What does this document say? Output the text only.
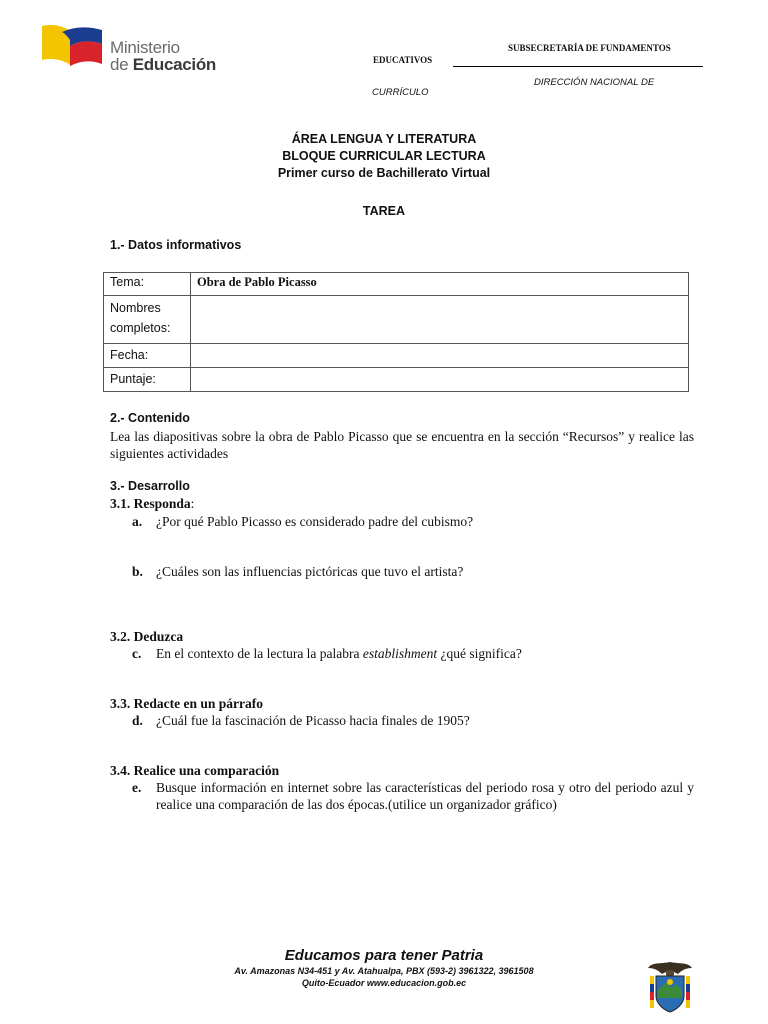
Ministerio
de Educación
SUBSECRETARÍA DE FUNDAMENTOS
EDUCATIVOS
DIRECCIÓN NACIONAL DE
CURRÍCULO
ÁREA LENGUA Y LITERATURA
BLOQUE CURRICULAR LECTURA
Primer curso de Bachillerato Virtual
TAREA
1.- Datos informativos
Tema:	Obra de Pablo Picasso
Nombres completos:	
Fecha:	
Puntaje:	
2.- Contenido
Lea las diapositivas sobre la obra de Pablo Picasso que se encuentra en la sección “Recursos” y realice las siguientes actividades
3.- Desarrollo
3.1. Responda:
a. ¿Por qué Pablo Picasso es considerado padre del cubismo?
b. ¿Cuáles son las influencias pictóricas que tuvo el artista?
3.2. Deduzca
c. En el contexto de la lectura la palabra establishment ¿qué significa?
3.3. Redacte en un párrafo
d. ¿Cuál fue la fascinación de Picasso hacia finales de 1905?
3.4. Realice una comparación
e. Busque información en internet sobre las características del periodo rosa y otro del periodo azul y realice una comparación de las dos épocas.(utilice un organizador gráfico)
Educamos para tener Patria
Av. Amazonas N34-451 y Av. Atahualpa, PBX (593-2) 3961322, 3961508
Quito-Ecuador www.educacion.gob.ec
